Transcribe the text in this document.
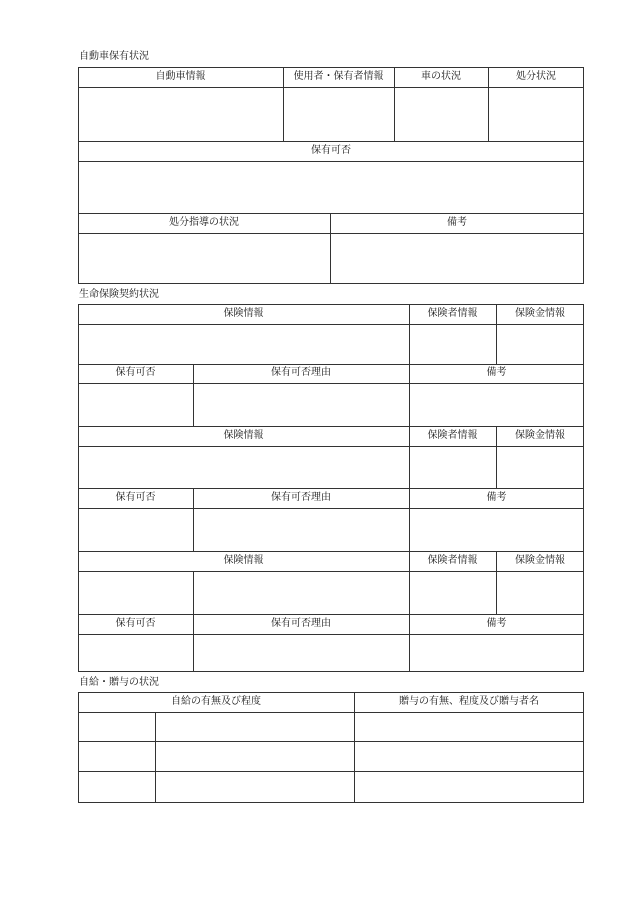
自動車保有状況
自動車情報	使用者・保有者情報	車の状況	処分状況
保有可否
処分指導の状況	備考
生命保険契約状況
保険情報	保険者情報	保険金情報
保有可否	保有可否理由	備考
保険情報	保険者情報	保険金情報
保有可否	保有可否理由	備考
保険情報	保険者情報	保険金情報
保有可否	保有可否理由	備考
自給・贈与の状況
自給の有無及び程度	贈与の有無、程度及び贈与者名
